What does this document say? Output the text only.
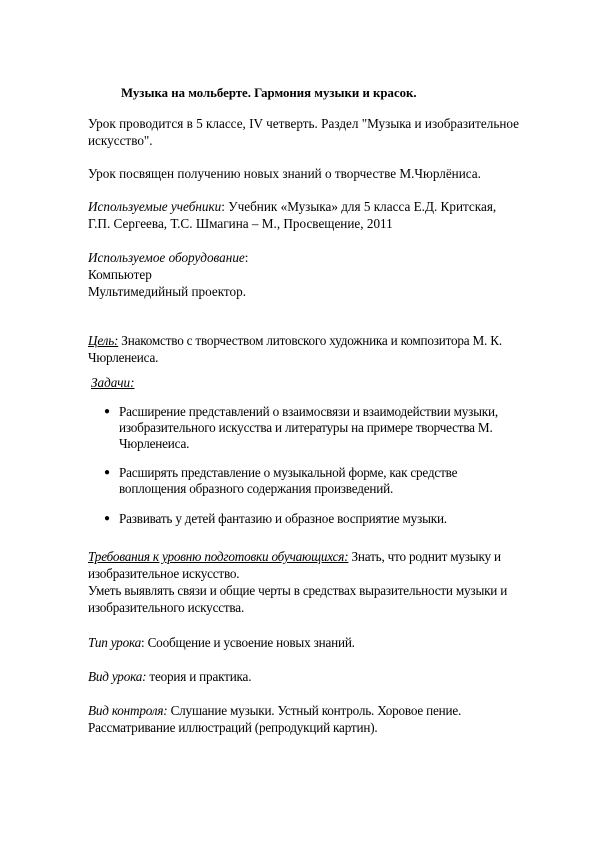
Музыка на мольберте. Гармония музыки и красок.
Урок проводится в 5 классе, IV четверть. Раздел "Музыка и изобразительное
искусство".
Урок посвящен получению новых знаний о творчестве М.Чюрлёниса.
Используемые учебники: Учебник «Музыка» для 5 класса Е.Д. Критская,
Г.П. Сергеева, Т.С. Шмагина – М., Просвещение, 2011
Используемое оборудование:
Компьютер
Мультимедийный проектор.
Цель: Знакомство с творчеством литовского художника и композитора М. К.
Чюрленеиса.
Задачи:
● Расширение представлений о взаимосвязи и взаимодействии музыки,
изобразительного искусства и литературы на примере творчества М.
Чюрленеиса.
● Расширять представление о музыкальной форме, как средстве
воплощения образного содержания произведений.
● Развивать у детей фантазию и образное восприятие музыки.
Требования к уровню подготовки обучающихся: Знать, что роднит музыку и
изобразительное искусство.
Уметь выявлять связи и общие черты в средствах выразительности музыки и
изобразительного искусства.
Тип урока: Сообщение и усвоение новых знаний.
Вид урока: теория и практика.
Вид контроля: Слушание музыки. Устный контроль. Хоровое пение.
Рассматривание иллюстраций (репродукций картин).
